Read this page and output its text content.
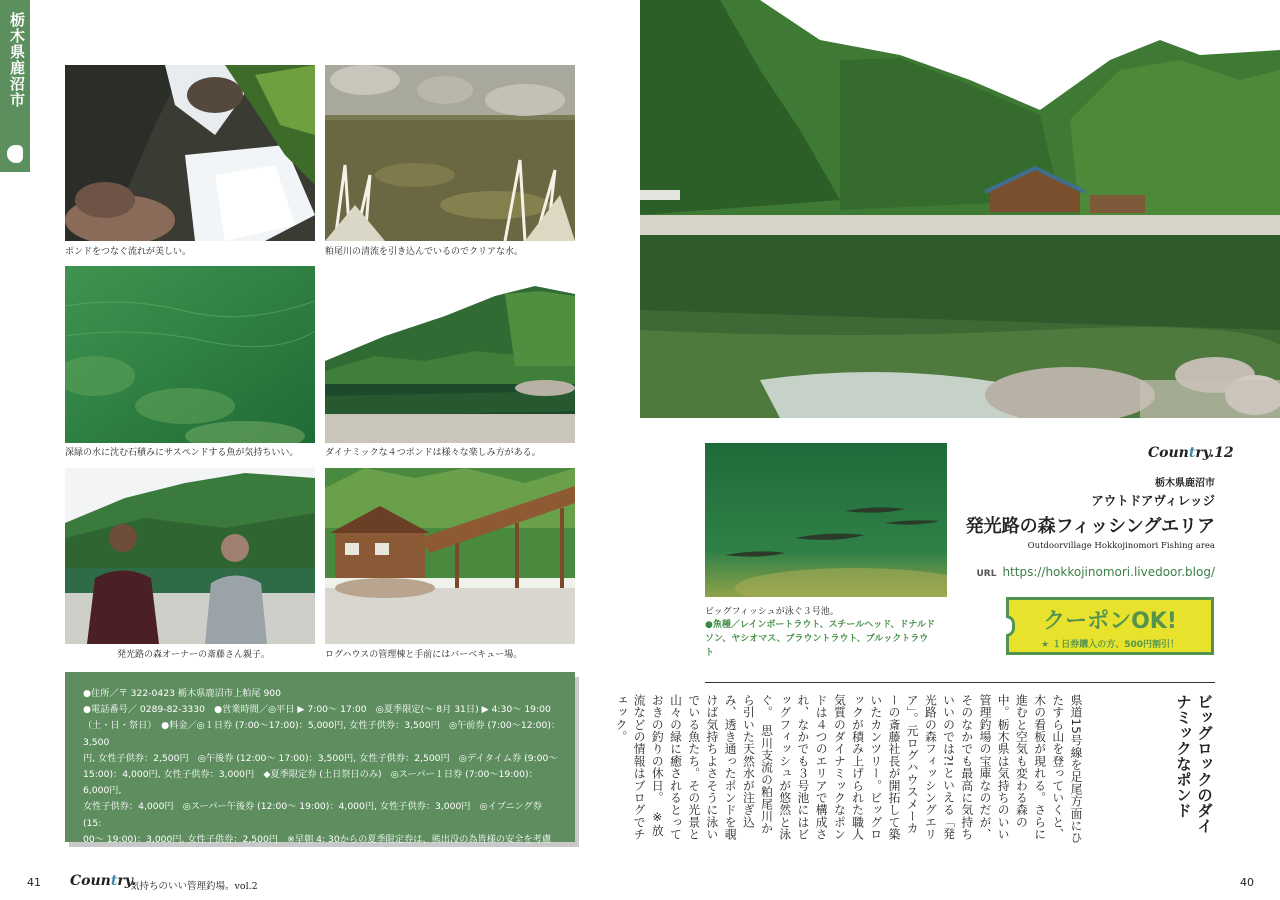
栃木県鹿沼市
ポンドをつなぐ流れが美しい。	粕尾川の清流を引き込んでいるのでクリアな水。
深緑の水に沈む石積みにサスペンドする魚が気持ちいい。	ダイナミックな４つポンドは様々な楽しみ方がある。
発光路の森オーナーの斎藤さん親子。	ログハウスの管理棟と手前にはバーベキュー場。
●住所／〒 322-0423 栃木県鹿沼市上粕尾 900
●電話番号／ 0289-82-3330　●営業時間／◎平日 ▶ 7:00～ 17:00　◎夏季限定(～ 8月 31日) ▶ 4:30～ 19:00
（土・日・祭日）　●料金／◎１日券 (7:00～17:00)：5,000円, 女性子供券：3,500円　◎午前券 (7:00～12:00)：3,500
円, 女性子供券：2,500円　◎午後券 (12:00～ 17:00)：3,500円, 女性子供券：2,500円　◎デイタイム券 (9:00～
15:00)：4,000円, 女性子供券：3,000円　◆夏季限定券 (土日祭日のみ)　◎スーパー１日券 (7:00～19:00)：6,000円,
女性子供券：4,000円　◎スーパー午後券 (12:00～ 19:00)：4,000円, 女性子供券：3,000円　◎イブニング券 (15:
00～ 19:00)：3,000円, 女性子供券：2,500円　※早朝 4: 30からの夏季限定券は、熊出没の為皆様の安全を考慮
いたしまして今期も販売はいたしませんのでご了承下さい。　●ルアー・フライ　●ナイター／なし
●レギュレーション／ホームページでご確認ください。
41 Country.
気持ちのいい管理釣場。vol.2	40
Country.12
栃木県鹿沼市
アウトドアヴィレッジ
発光路の森フィッシングエリア
Outdoorvillage Hokkojinomori Fishing area
URL https://hokkojinomori.livedoor.blog/
クーポンOK!
★ １日券購入の方、500円割引！
ビッグフィッシュが泳ぐ３号池。
●魚種／レインボートラウト、スチールヘッド、ドナルドソン、ヤシオマス、ブラウントラウト、ブルックトラウト
ビッグロックのダイナミックなポンド
県道15号線を足尾方面にひたすら山を登っていくと、木の看板が現れる。さらに進むと空気も変わる森の中。栃木県は気持ちのいい管理釣場の宝庫なのだが、そのなかでも最高に気持ちいいのでは?!といえる「発光路の森フィッシングエリア」。元ログハウスメーカーの斎藤社長が開拓して築いたカンツリー。ビッグロックが積み上げられた職人気質のダイナミックなポンドは４つのエリアで構成され、なかでも３号池にはビッグフィッシュが悠然と泳ぐ。　思川支流の粕尾川から引いた天然水が注ぎ込み、透き通ったポンドを覗けば気持ちよさそうに泳いでいる魚たち。その光景と山々の緑に癒されるとっておきの釣りの休日。　※放流などの情報はブログでチェック。
